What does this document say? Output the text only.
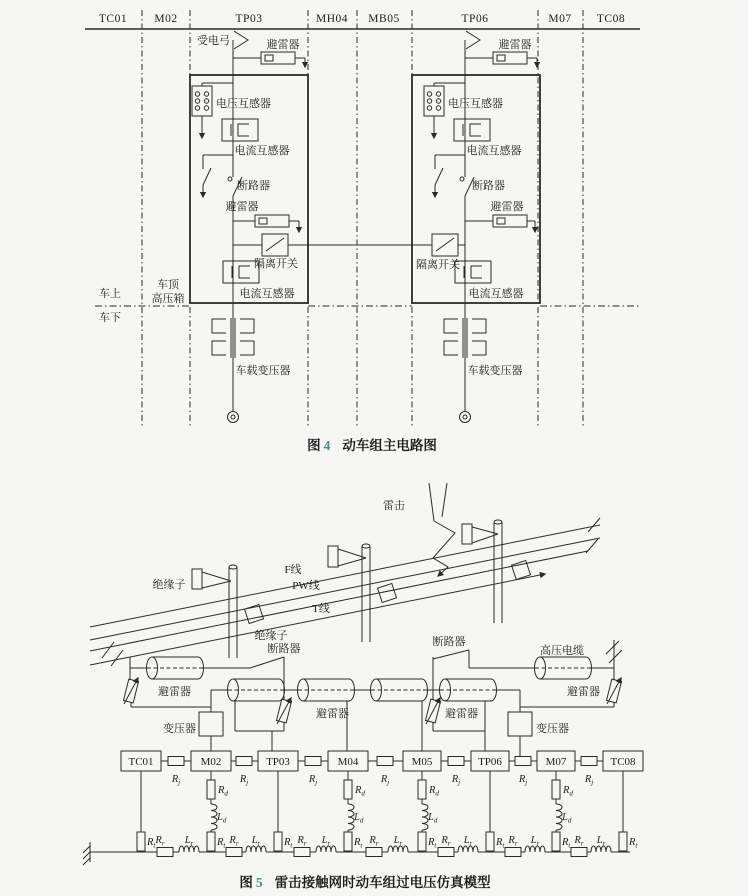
TC01 M02	TP03	MH04 MB05	TP06	M07 TC08
受电弓	避雷器
电压互感器
电流互感器
断路器
避雷器
隔离开关
电流互感器
车载变压器
避雷器
电压互感器
电流互感器
断路器
避雷器
隔离开关
电流互感器
车载变压器
车顶
高压箱
车上
车下
图 4 动车组主电路图
雷击
绝缘子
F线
PW线
T线
绝缘子
高压电缆
断路器
断路器
避雷器
避雷器	避雷器
避雷器
变压器	变压器
TC01	M02	TP03	M04	M05	TP06	M07	TC08
$R_j$	$R_j$	$R_j$	$R_j$	$R_j$	$R_j$	$R_j$
$R_d$
$L_d$
$R_d$
$L_d$
$R_d$
$L_d$
$R_d$
$L_d$
$R_t$	$R_t$	$R_t$	$R_t$	$R_t$	$R_t$	$R_t$	$R_t$
$R_r$ $L_r$	$R_r$ $L_r$	$R_r$ $L_r$	$R_r$ $L_r$	$R_r$ $L_r$	$R_r$ $L_r$	$R_r$ $L_r$
图 5 雷击接触网时动车组过电压仿真模型
